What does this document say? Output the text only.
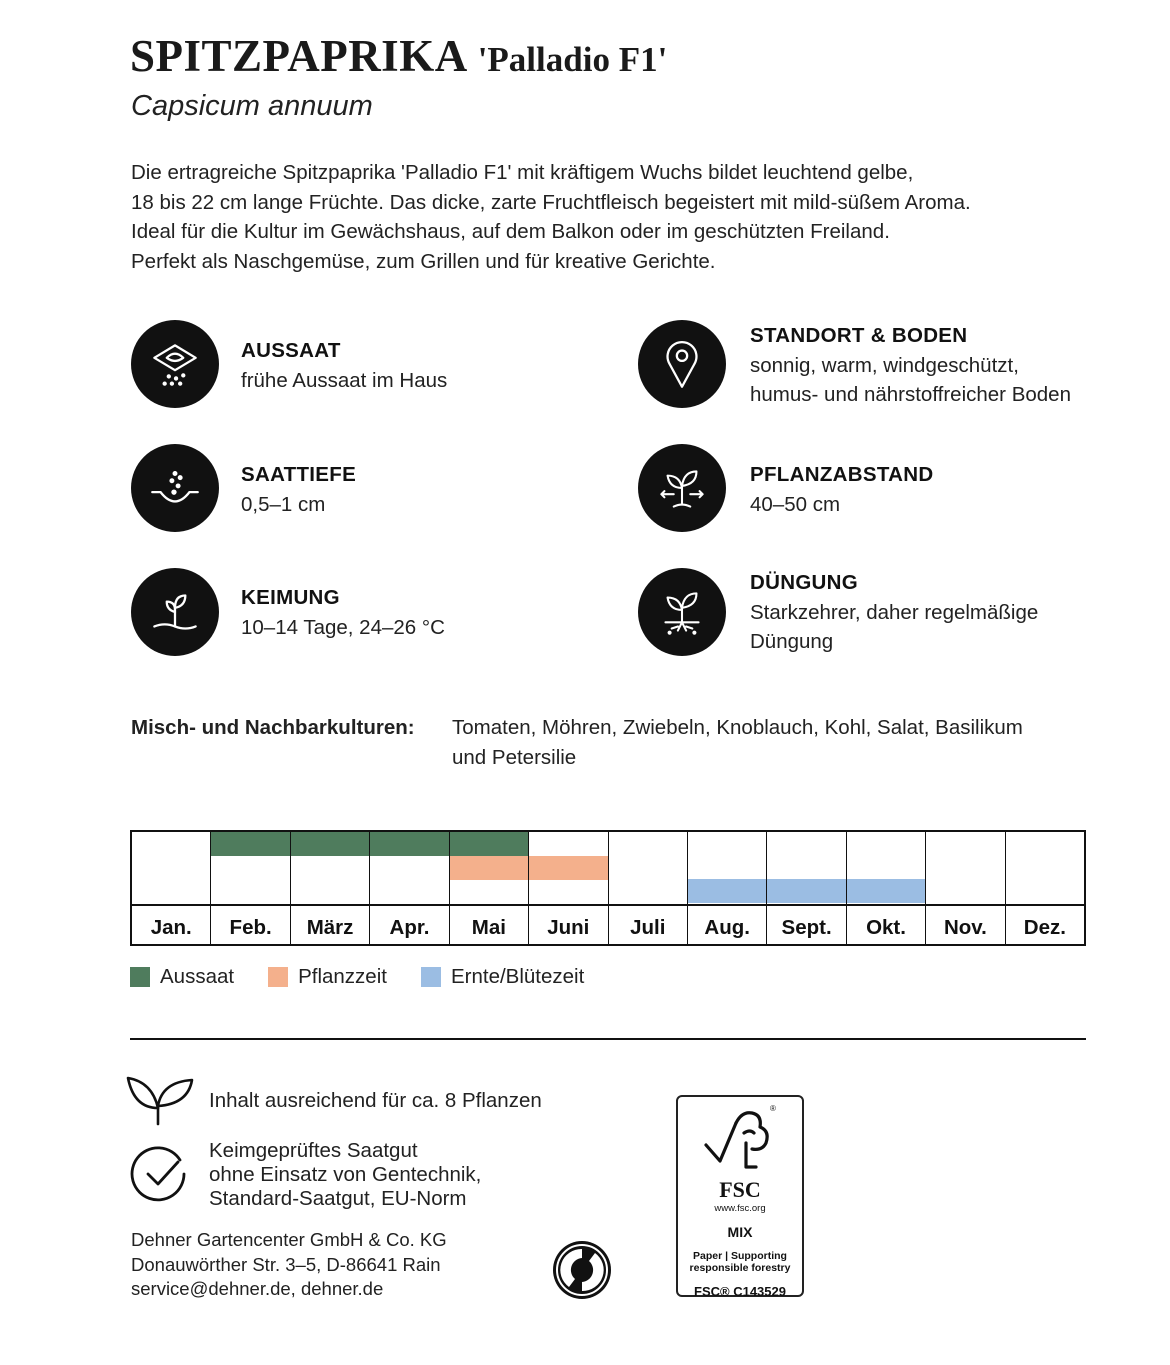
SPITZPAPRIKA 'Palladio F1'
Capsicum annuum
Die ertragreiche Spitzpaprika 'Palladio F1' mit kräftigem Wuchs bildet leuchtend gelbe,
18 bis 22 cm lange Früchte. Das dicke, zarte Fruchtfleisch begeistert mit mild-süßem Aroma.
Ideal für die Kultur im Gewächshaus, auf dem Balkon oder im geschützten Freiland.
Perfekt als Naschgemüse, zum Grillen und für kreative Gerichte.
AUSSAAT
frühe Aussaat im Haus
SAATTIEFE
0,5–1 cm
KEIMUNG
10–14 Tage, 24–26 °C
STANDORT & BODEN
sonnig, warm, windgeschützt,
humus- und nährstoffreicher Boden
PFLANZABSTAND
40–50 cm
DÜNGUNG
Starkzehrer, daher regelmäßige
Düngung
Misch- und Nachbarkulturen: Tomaten, Möhren, Zwiebeln, Knoblauch, Kohl, Salat, Basilikum
und Petersilie
Jan.	Feb.	März	Apr.	Mai	Juni	Juli	Aug.	Sept.	Okt.	Nov.	Dez.
Aussaat	Pflanzzeit	Ernte/Blütezeit
Inhalt ausreichend für ca. 8 Pflanzen
Keimgeprüftes Saatgut
ohne Einsatz von Gentechnik,
Standard-Saatgut, EU-Norm
Dehner Gartencenter GmbH & Co. KG
Donauwörther Str. 3–5, D-86641 Rain
service@dehner.de, dehner.de
®
FSC
www.fsc.org
MIX
Paper | Supporting
responsible forestry
FSC® C143529
